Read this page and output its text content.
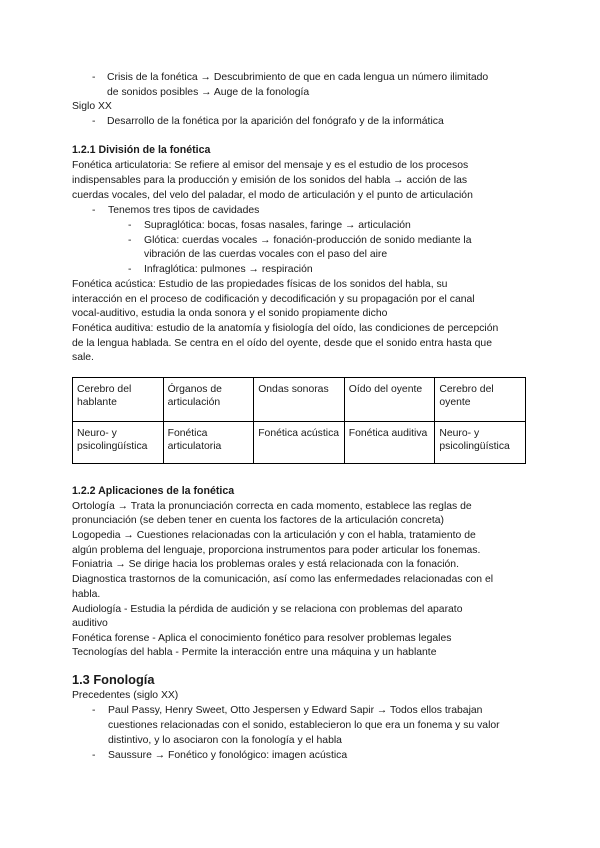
- Crisis de la fonética → Descubrimiento de que en cada lengua un número ilimitado
de sonidos posibles → Auge de la fonología
Siglo XX
- Desarrollo de la fonética por la aparición del fonógrafo y de la informática
1.2.1 División de la fonética
Fonética articulatoria: Se refiere al emisor del mensaje y es el estudio de los procesos
indispensables para la producción y emisión de los sonidos del habla → acción de las
cuerdas vocales, del velo del paladar, el modo de articulación y el punto de articulación
- Tenemos tres tipos de cavidades
- Supraglótica: bocas, fosas nasales, faringe → articulación
- Glótica: cuerdas vocales → fonación-producción de sonido mediante la
vibración de las cuerdas vocales con el paso del aire
- Infraglótica: pulmones → respiración
Fonética acústica: Estudio de las propiedades físicas de los sonidos del habla, su
interacción en el proceso de codificación y decodificación y su propagación por el canal
vocal-auditivo, estudia la onda sonora y el sonido propiamente dicho
Fonética auditiva: estudio de la anatomía y fisiología del oído, las condiciones de percepción
de la lengua hablada. Se centra en el oído del oyente, desde que el sonido entra hasta que
sale.
Cerebro del hablante	Órganos de articulación	Ondas sonoras	Oído del oyente	Cerebro del oyente
Neuro- y psicolingüística	Fonética articulatoria	Fonética acústica	Fonética auditiva	Neuro- y psicolingüística
1.2.2 Aplicaciones de la fonética
Ortología → Trata la pronunciación correcta en cada momento, establece las reglas de
pronunciación (se deben tener en cuenta los factores de la articulación concreta)
Logopedia → Cuestiones relacionadas con la articulación y con el habla, tratamiento de
algún problema del lenguaje, proporciona instrumentos para poder articular los fonemas.
Foniatria → Se dirige hacia los problemas orales y está relacionada con la fonación.
Diagnostica trastornos de la comunicación, así como las enfermedades relacionadas con el
habla.
Audiología - Estudia la pérdida de audición y se relaciona con problemas del aparato
auditivo
Fonética forense - Aplica el conocimiento fonético para resolver problemas legales
Tecnologías del habla - Permite la interacción entre una máquina y un hablante
1.3 Fonología
Precedentes (siglo XX)
- Paul Passy, Henry Sweet, Otto Jespersen y Edward Sapir → Todos ellos trabajan
cuestiones relacionadas con el sonido, establecieron lo que era un fonema y su valor
distintivo, y lo asociaron con la fonología y el habla
- Saussure → Fonético y fonológico: imagen acústica
